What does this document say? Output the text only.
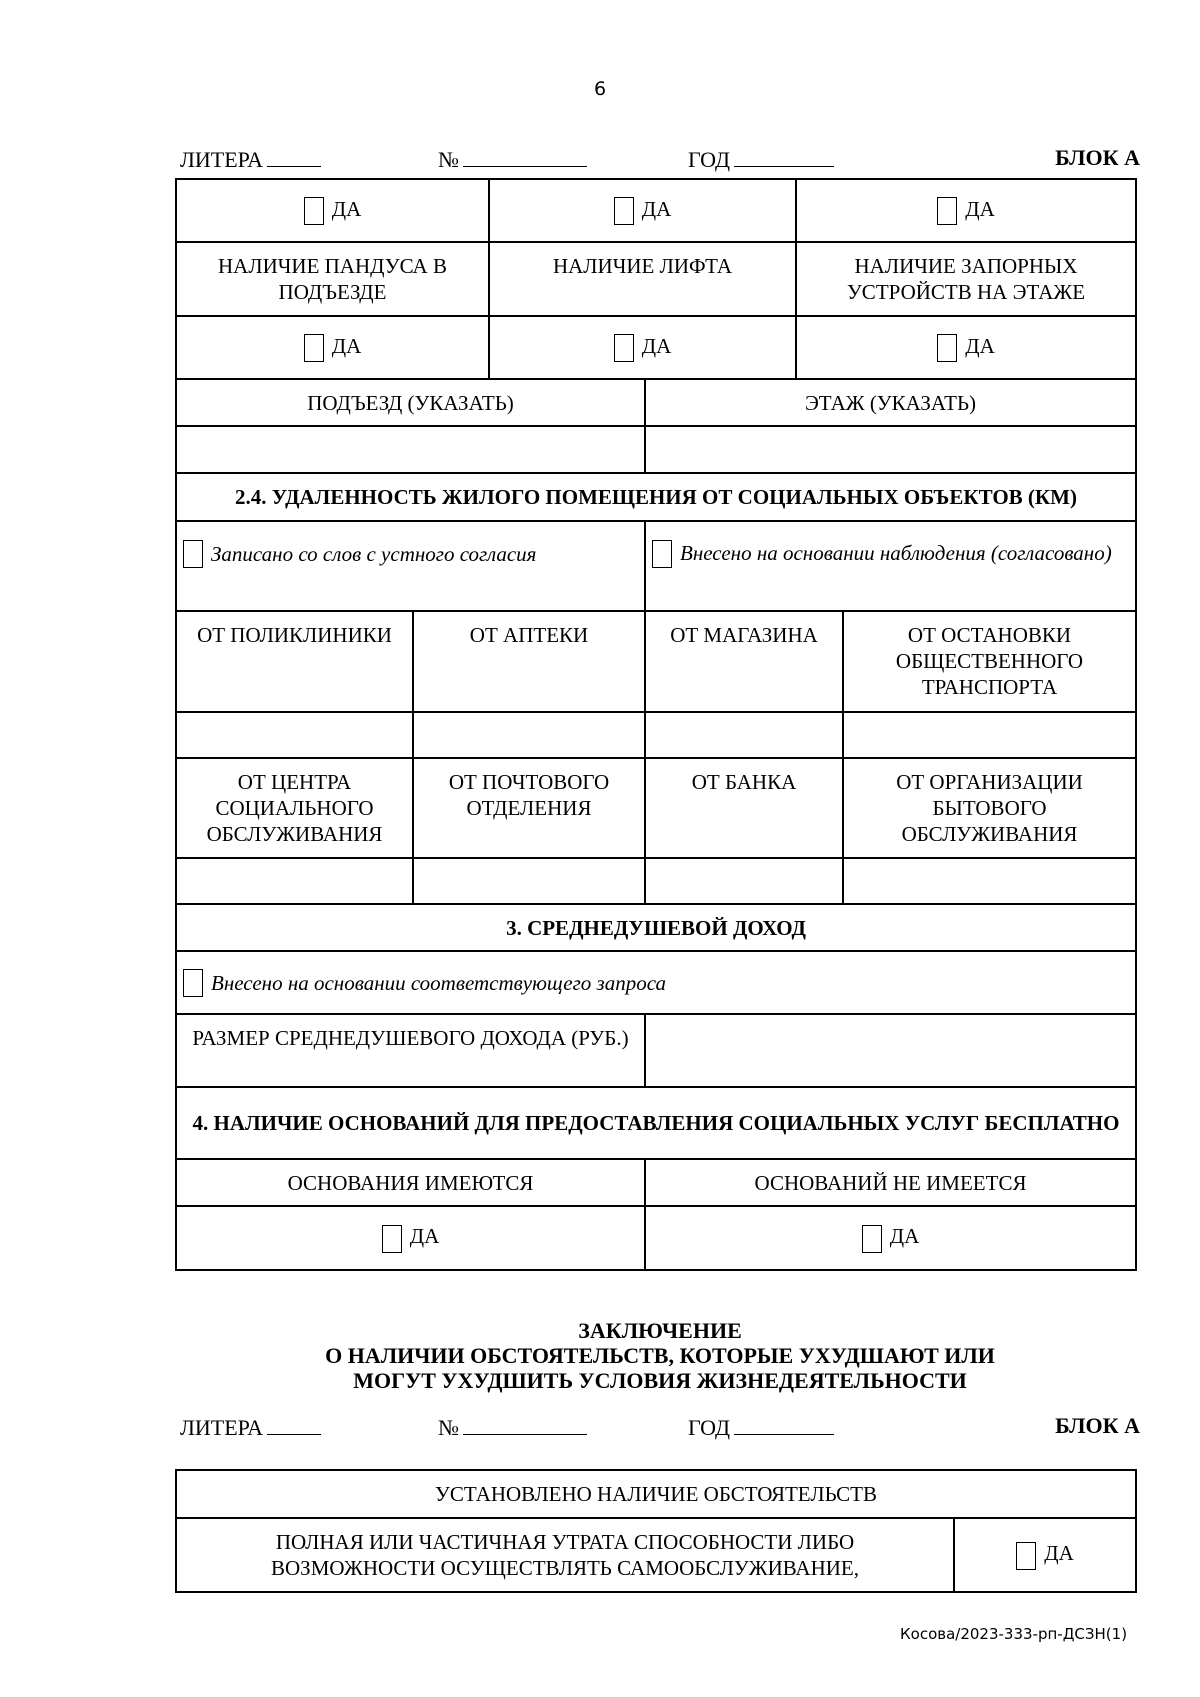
6
ЛИТЕРА	№	ГОД	БЛОК А
ДА	ДА	ДА
НАЛИЧИЕ ПАНДУСА В ПОДЪЕЗДЕ	НАЛИЧИЕ ЛИФТА	НАЛИЧИЕ ЗАПОРНЫХ УСТРОЙСТВ НА ЭТАЖЕ
ДА	ДА	ДА
ПОДЪЕЗД (УКАЗАТЬ)	ЭТАЖ (УКАЗАТЬ)

2.4. УДАЛЕННОСТЬ ЖИЛОГО ПОМЕЩЕНИЯ ОТ СОЦИАЛЬНЫХ ОБЪЕКТОВ (КМ)	

Записано со слов с устного согласия	Внесено на основании наблюдения (согласовано)
ОТ ПОЛИКЛИНИКИ	ОТ АПТЕКИ	ОТ МАГАЗИНА	ОТ ОСТАНОВКИ ОБЩЕСТВЕННОГО ТРАНСПОРТА

ОТ ЦЕНТРА СОЦИАЛЬНОГО ОБСЛУЖИВАНИЯ	ОТ ПОЧТОВОГО ОТДЕЛЕНИЯ	ОТ БАНКА	ОТ ОРГАНИЗАЦИИ БЫТОВОГО ОБСЛУЖИВАНИЯ

3. СРЕДНЕДУШЕВОЙ ДОХОД	

Внесено на основании соответствующего запроса	

РАЗМЕР СРЕДНЕДУШЕВОГО ДОХОДА (РУБ.)	
4. НАЛИЧИЕ ОСНОВАНИЙ ДЛЯ ПРЕДОСТАВЛЕНИЯ СОЦИАЛЬНЫХ УСЛУГ БЕСПЛАТНО	
ОСНОВАНИЯ ИМЕЮТСЯ	ОСНОВАНИЙ НЕ ИМЕЕТСЯ
ДА	ДА
ЗАКЛЮЧЕНИЕ
О НАЛИЧИИ ОБСТОЯТЕЛЬСТВ, КОТОРЫЕ УХУДШАЮТ ИЛИ
МОГУТ УХУДШИТЬ УСЛОВИЯ ЖИЗНЕДЕЯТЕЛЬНОСТИ
ЛИТЕРА	№	ГОД	БЛОК А
УСТАНОВЛЕНО НАЛИЧИЕ ОБСТОЯТЕЛЬСТВ
ПОЛНАЯ ИЛИ ЧАСТИЧНАЯ УТРАТА СПОСОБНОСТИ ЛИБО ВОЗМОЖНОСТИ ОСУЩЕСТВЛЯТЬ САМООБСЛУЖИВАНИЕ,	ДА
Косова/2023-333-рп-ДСЗН(1)
